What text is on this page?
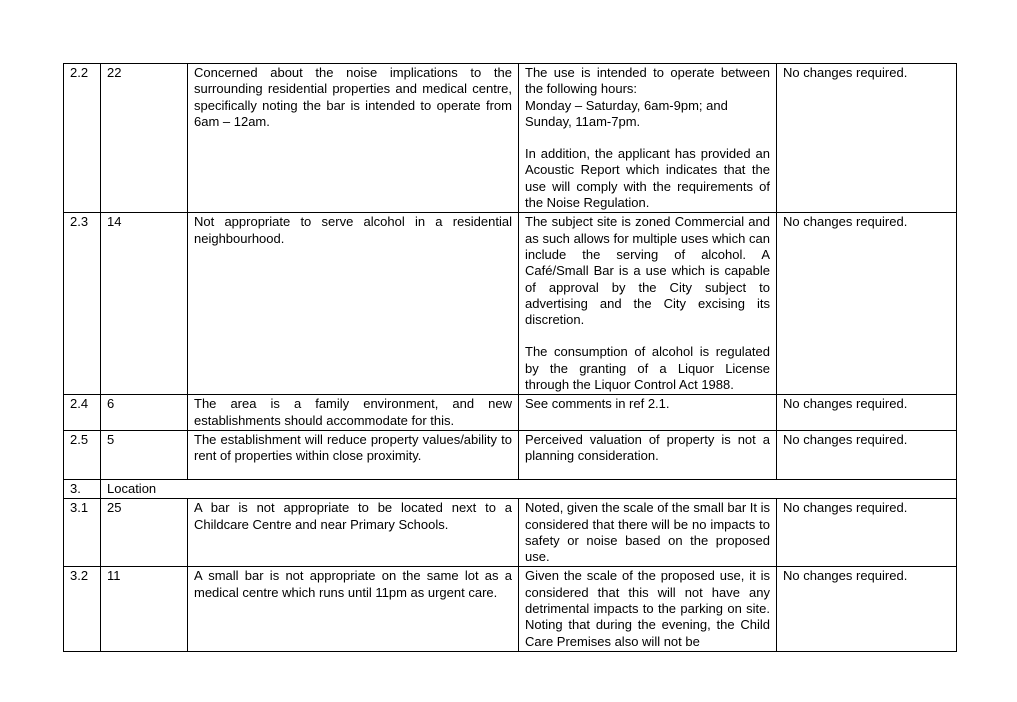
2.2	22	Concerned about the noise implications to the surrounding residential properties and medical centre, specifically noting the bar is intended to operate from 6am – 12am.	The use is intended to operate between the following hours:
Monday – Saturday, 6am-9pm; and
Sunday, 11am-7pm.
In addition, the applicant has provided an Acoustic Report which indicates that the use will comply with the requirements of the Noise Regulation.	No changes required.
2.3	14	Not appropriate to serve alcohol in a residential neighbourhood.	The subject site is zoned Commercial and as such allows for multiple uses which can include the serving of alcohol. A Café/Small Bar is a use which is capable of approval by the City subject to advertising and the City excising its discretion.
The consumption of alcohol is regulated by the granting of a Liquor License through the Liquor Control Act 1988.	No changes required.
2.4	6	The area is a family environment, and new establishments should accommodate for this.	See comments in ref 2.1.	No changes required.
2.5	5	The establishment will reduce property values/ability to rent of properties within close proximity.	Perceived valuation of property is not a planning consideration.	No changes required.
3.	Location			
3.1	25	A bar is not appropriate to be located next to a Childcare Centre and near Primary Schools.	Noted, given the scale of the small bar It is considered that there will be no impacts to safety or noise based on the proposed use.	No changes required.
3.2	11	A small bar is not appropriate on the same lot as a medical centre which runs until 11pm as urgent care.	Given the scale of the proposed use, it is considered that this will not have any detrimental impacts to the parking on site. Noting that during the evening, the Child Care Premises also will not be	No changes required.
